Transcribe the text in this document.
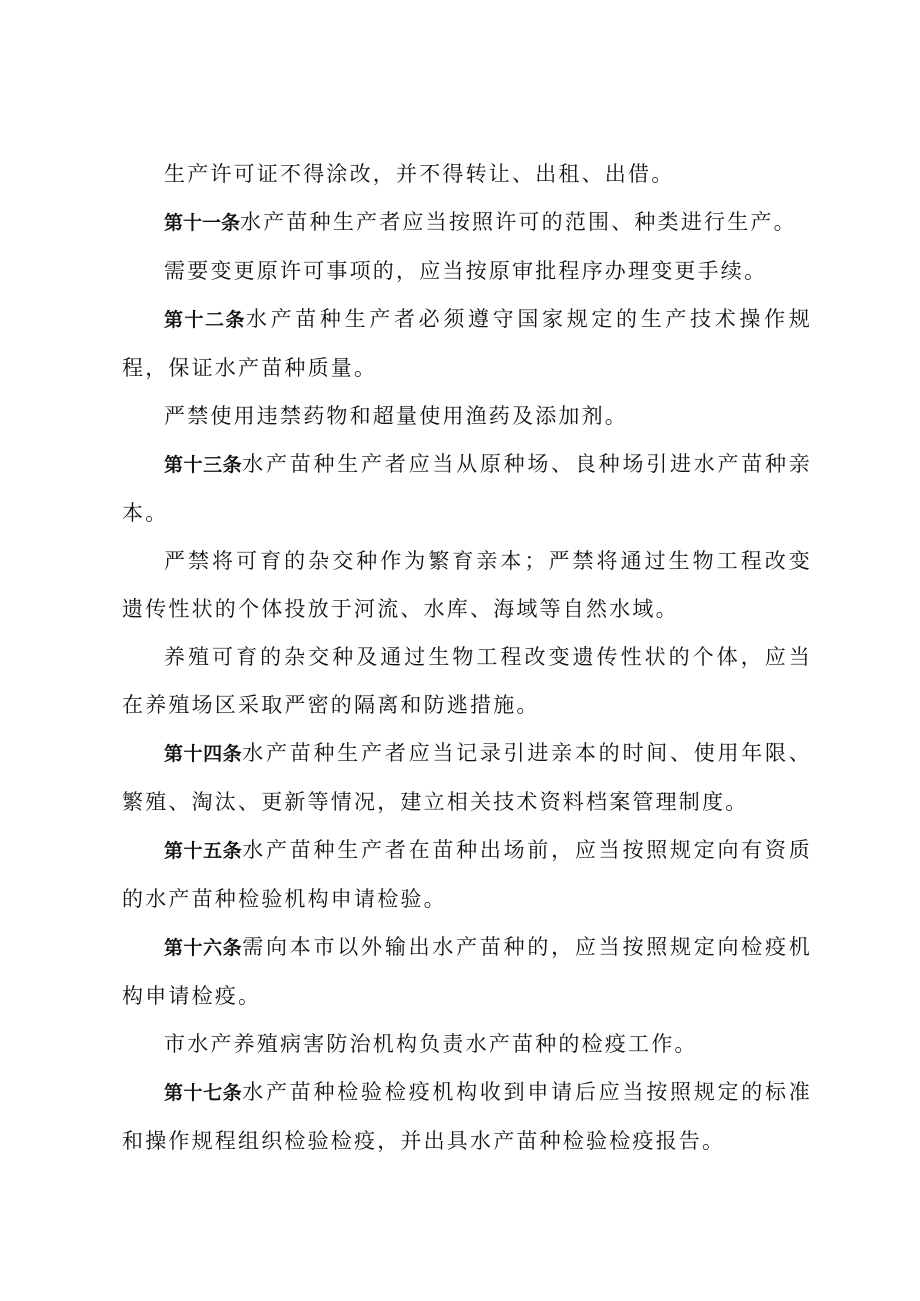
生产许可证不得涂改，并不得转让、出租、出借。

第十一条水产苗种生产者应当按照许可的范围、种类进行生产。

需要变更原许可事项的，应当按原审批程序办理变更手续。

第十二条水产苗种生产者必须遵守国家规定的生产技术操作规程，保证水产苗种质量。

严禁使用违禁药物和超量使用渔药及添加剂。

第十三条水产苗种生产者应当从原种场、良种场引进水产苗种亲本。

严禁将可育的杂交种作为繁育亲本；严禁将通过生物工程改变遗传性状的个体投放于河流、水库、海域等自然水域。

养殖可育的杂交种及通过生物工程改变遗传性状的个体，应当在养殖场区采取严密的隔离和防逃措施。

第十四条水产苗种生产者应当记录引进亲本的时间、使用年限、繁殖、淘汰、更新等情况，建立相关技术资料档案管理制度。

第十五条水产苗种生产者在苗种出场前，应当按照规定向有资质的水产苗种检验机构申请检验。

第十六条需向本市以外输出水产苗种的，应当按照规定向检疫机构申请检疫。

市水产养殖病害防治机构负责水产苗种的检疫工作。

第十七条水产苗种检验检疫机构收到申请后应当按照规定的标准和操作规程组织检验检疫，并出具水产苗种检验检疫报告。
